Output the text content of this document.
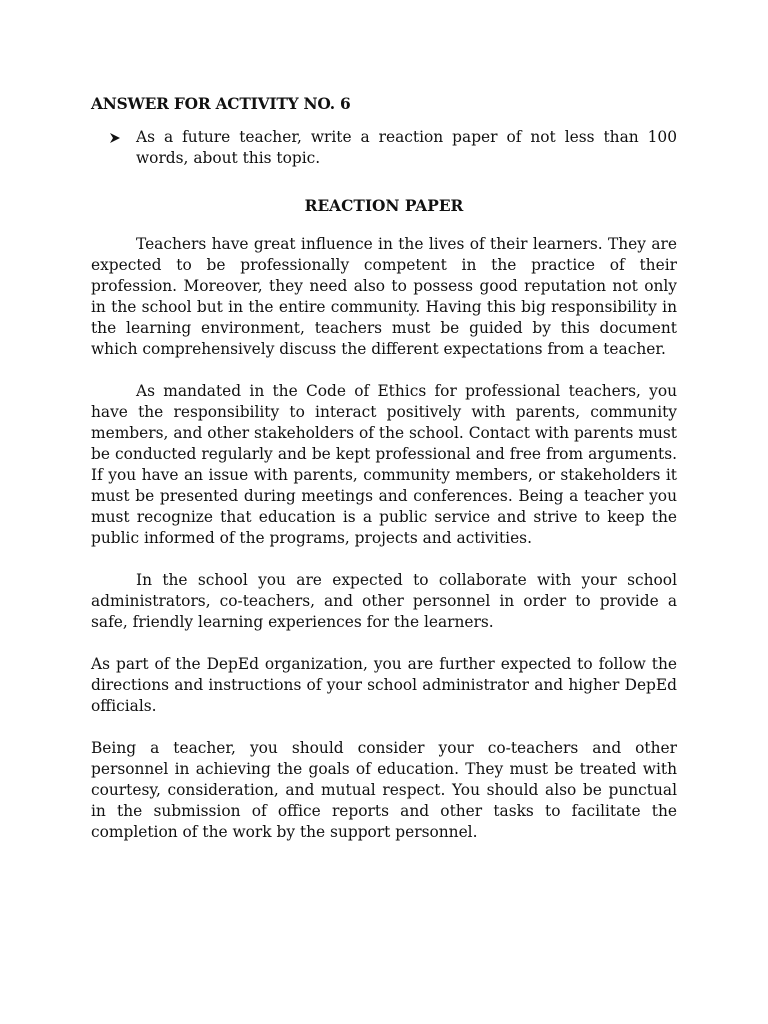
ANSWER FOR ACTIVITY NO. 6
As a future teacher, write a reaction paper of not less than 100 words, about this topic.
REACTION PAPER

Teachers have great influence in the lives of their learners. They are expected to be professionally competent in the practice of their profession. Moreover, they need also to possess good reputation not only in the school but in the entire community. Having this big responsibility in the learning environment, teachers must be guided by this document which comprehensively discuss the different expectations from a teacher.

As mandated in the Code of Ethics for professional teachers, you have the responsibility to interact positively with parents, community members, and other stakeholders of the school. Contact with parents must be conducted regularly and be kept professional and free from arguments. If you have an issue with parents, community members, or stakeholders it must be presented during meetings and conferences. Being a teacher you must recognize that education is a public service and strive to keep the public informed of the programs, projects and activities.

In the school you are expected to collaborate with your school administrators, co-teachers, and other personnel in order to provide a safe, friendly learning experiences for the learners.

As part of the DepEd organization, you are further expected to follow the directions and instructions of your school administrator and higher DepEd officials.

Being a teacher, you should consider your co-teachers and other personnel in achieving the goals of education. They must be treated with courtesy, consideration, and mutual respect. You should also be punctual in the submission of office reports and other tasks to facilitate the completion of the work by the support personnel.
